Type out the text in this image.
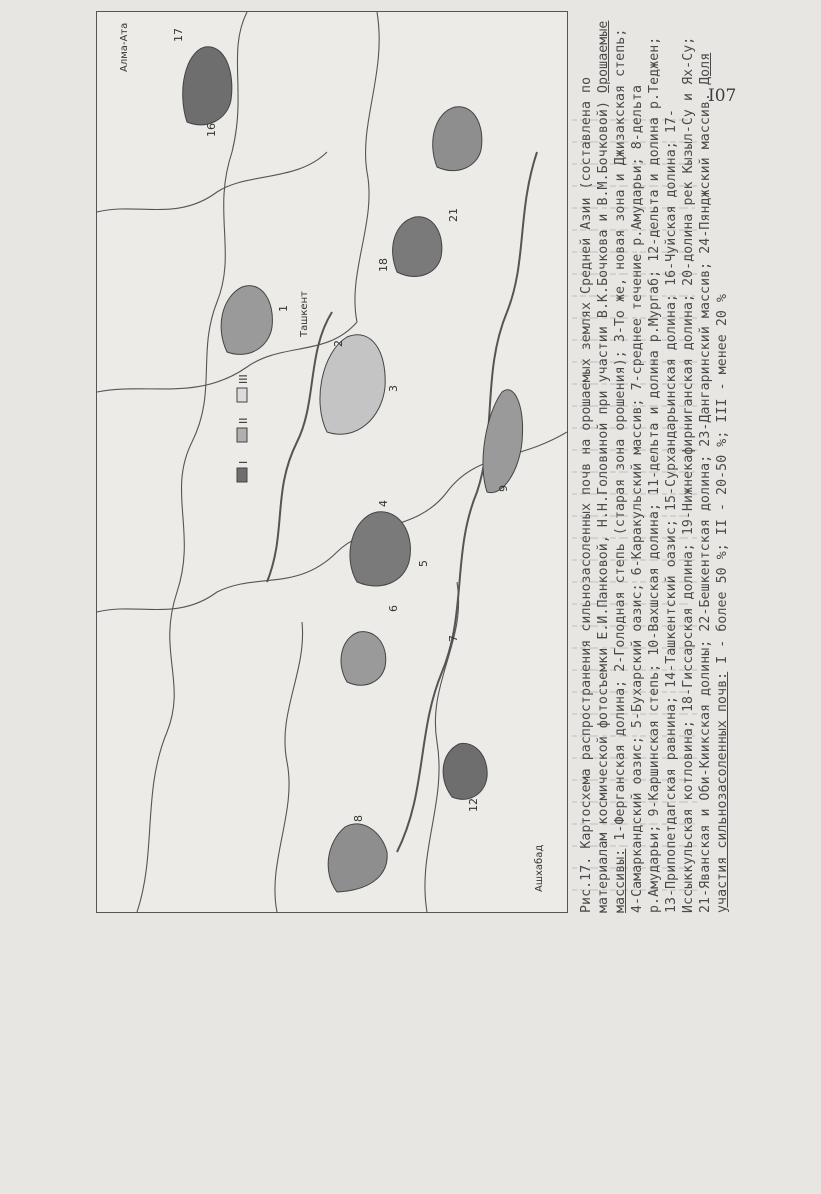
I07
Алма-Ата
Ашхабад
Ташкент
I
II
III
1
2
3
4
5
6
7
8
9
12
16
17
18
21	Рис.17. Картосхема распространения сильнозасоленных почв на орошаемых землях Средней Азии (составлена по материалам космической фотосъемки Е.И.Панковой, Н.Н.Головиной при участии В.К.Бочкова и В.М.Бочковой) Орошаемые массивы: 1-Ферганская долина; 2-Голодная степь (старая зона орошения); 3-То же, новая зона и Джизакская степь; 4-Самаркандский оазис; 5-Бухарский оазис; 6-Каракульский массив; 7-среднее течение р.Амударьи; 8-дельта р.Амударьи; 9-Каршинская степь; 10-Вахшская долина; 11-дельта и долина р.Мургаб; 12-дельта и долина р.Теджен; 13-Припопетдагская равнина; 14-Ташкентский оазис; 15-Сурхандарьинская долина; 16-Чуйская долина; 17-Иссыккульская котловина; 18-Гиссарская долина; 19-Нижнекафирниганская долина; 20-долина рек Кызыл-Су и Ях-Су; 21-Яванская и Оби-Киикская долины; 22-Бешкентская долина; 23-Дангаринский массив; 24-Пянджский массив. Доля участия сильнозасоленных почв: I - более 50 %; II - 20-50 %; III - менее 20 %
